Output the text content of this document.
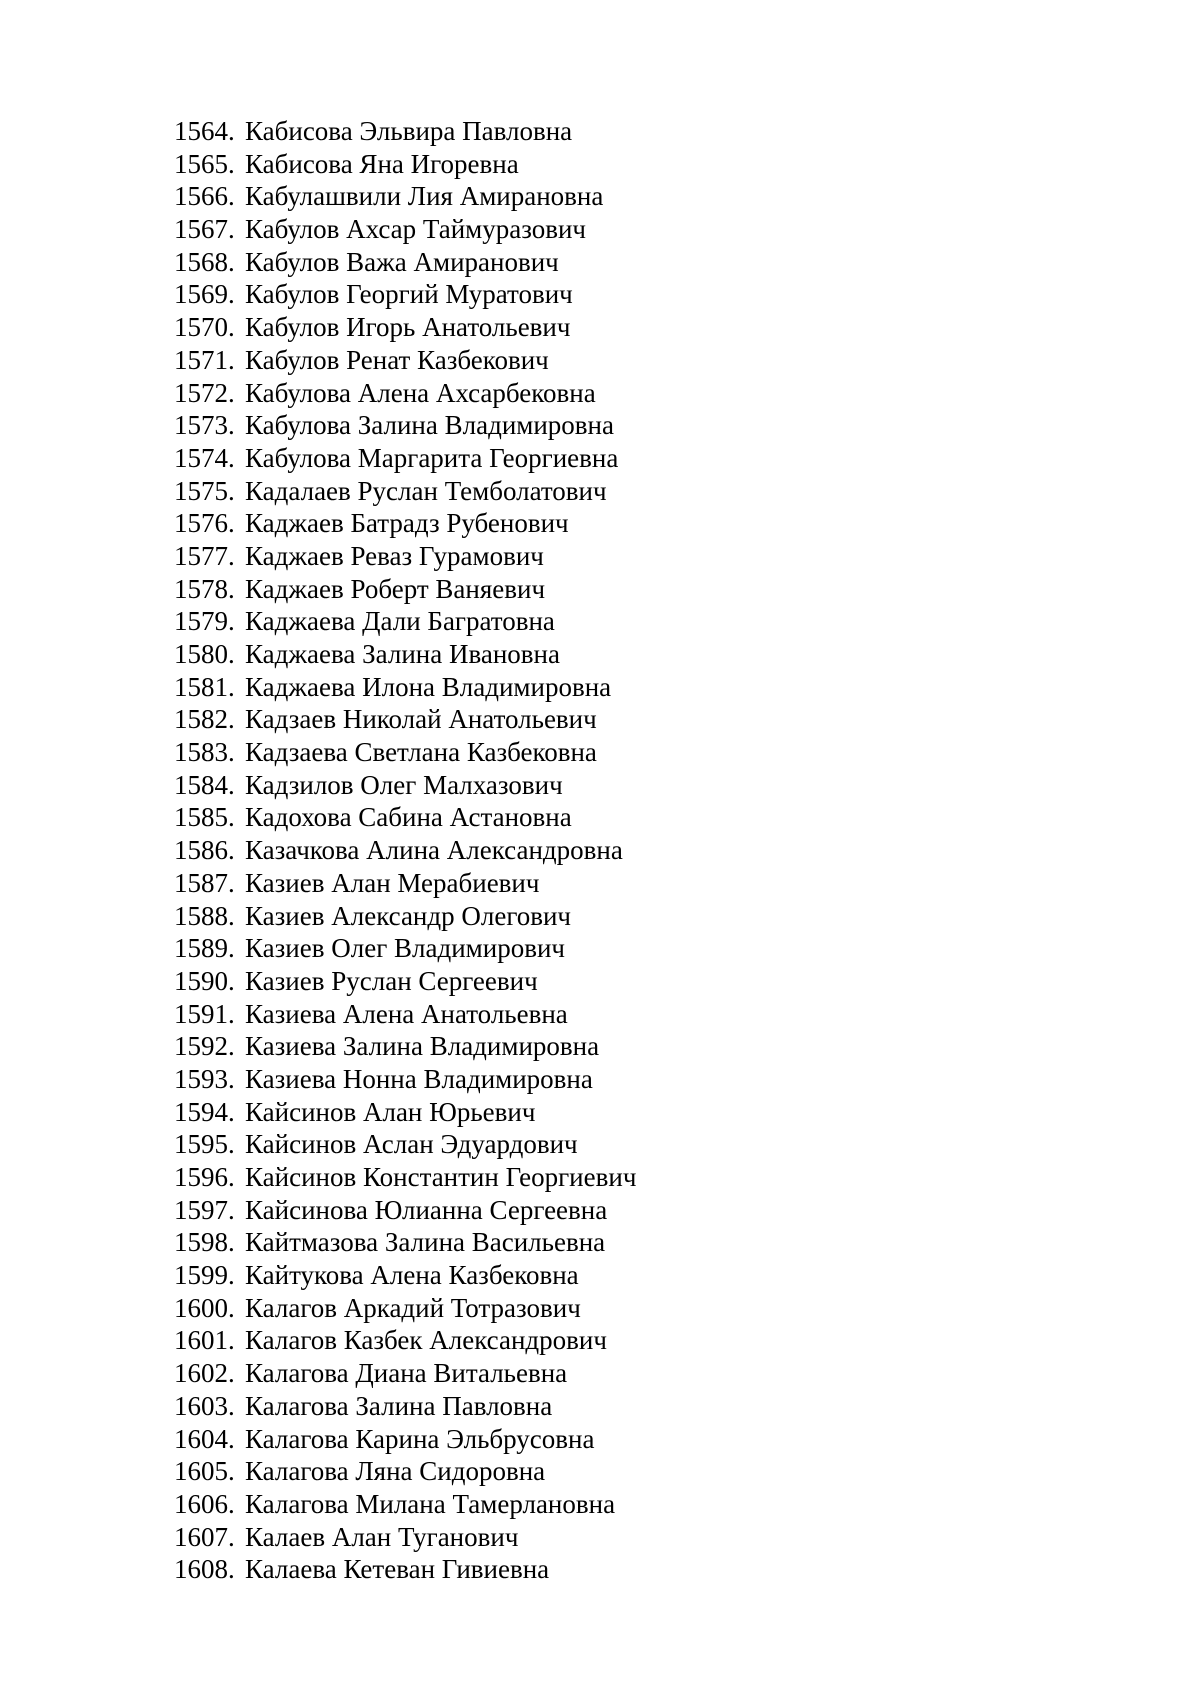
1564. Кабисова Эльвира Павловна
1565. Кабисова Яна Игоревна
1566. Кабулашвили Лия Амирановна
1567. Кабулов Ахсар Таймуразович
1568. Кабулов Важа Амиранович
1569. Кабулов Георгий Муратович
1570. Кабулов Игорь Анатольевич
1571. Кабулов Ренат Казбекович
1572. Кабулова Алена Ахсарбековна
1573. Кабулова Залина Владимировна
1574. Кабулова Маргарита Георгиевна
1575. Кадалаев Руслан Темболатович
1576. Каджаев Батрадз Рубенович
1577. Каджаев Реваз Гурамович
1578. Каджаев Роберт Ваняевич
1579. Каджаева Дали Багратовна
1580. Каджаева Залина Ивановна
1581. Каджаева Илона Владимировна
1582. Кадзаев Николай Анатольевич
1583. Кадзаева Светлана Казбековна
1584. Кадзилов Олег Малхазович
1585. Кадохова Сабина Астановна
1586. Казачкова Алина Александровна
1587. Казиев Алан Мерабиевич
1588. Казиев Александр Олегович
1589. Казиев Олег Владимирович
1590. Казиев Руслан Сергеевич
1591. Казиева Алена Анатольевна
1592. Казиева Залина Владимировна
1593. Казиева Нонна Владимировна
1594. Кайсинов Алан Юрьевич
1595. Кайсинов Аслан Эдуардович
1596. Кайсинов Константин Георгиевич
1597. Кайсинова Юлианна Сергеевна
1598. Кайтмазова Залина Васильевна
1599. Кайтукова Алена Казбековна
1600. Калагов Аркадий Тотразович
1601. Калагов Казбек Александрович
1602. Калагова Диана Витальевна
1603. Калагова Залина Павловна
1604. Калагова Карина Эльбрусовна
1605. Калагова Ляна Сидоровна
1606. Калагова Милана Тамерлановна
1607. Калаев Алан Туганович
1608. Калаева Кетеван Гивиевна
